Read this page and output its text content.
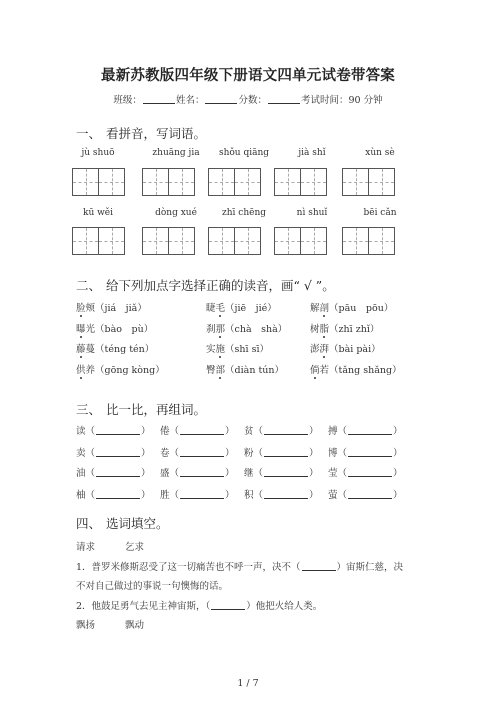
最新苏教版四年级下册语文四单元试卷带答案
班级：	姓名：	分数：	考试时间：90 分钟
一、 看拼音，写词语。
jù shuō	zhuāng jia	shǒu qiāng	jià shǐ	xùn sè
kū wěi	dòng xué	zhī chēng	nì shuǐ	bēi cǎn
二、 给下列加点字选择正确的读音，画“ √ ”。
脸颊（jiá　jiǎ）	睫毛（jiē　jié）	解剖（pāu　pōu）
曝光（bào　pù）	刹那（chà　shà） 树脂（zhī zhǐ）
藤蔓（téng tén）	实施（shī sī）	澎湃（bài pài）
供养（gōng kòng）	臀部（diàn tún）	倘若（tǎng shǎng）
三、 比一比，再组词。
读（	） 倦（	） 贫（	） 搏（	）
卖（	） 卷（	） 粉（	） 博（	）
油（	） 盛（	） 继（	） 莹（	）
柚（	） 胜（	） 积（	） 萤（	）
四、 选词填空。
请求	乞求
1．普罗米修斯忍受了这一切痛苦也不呼一声，决不（	）宙斯仁慈，决
不对自己做过的事说一句懊悔的话。
2．他鼓足勇气去见主神宙斯，（	）他把火给人类。
飘扬	飘动
1 / 7
